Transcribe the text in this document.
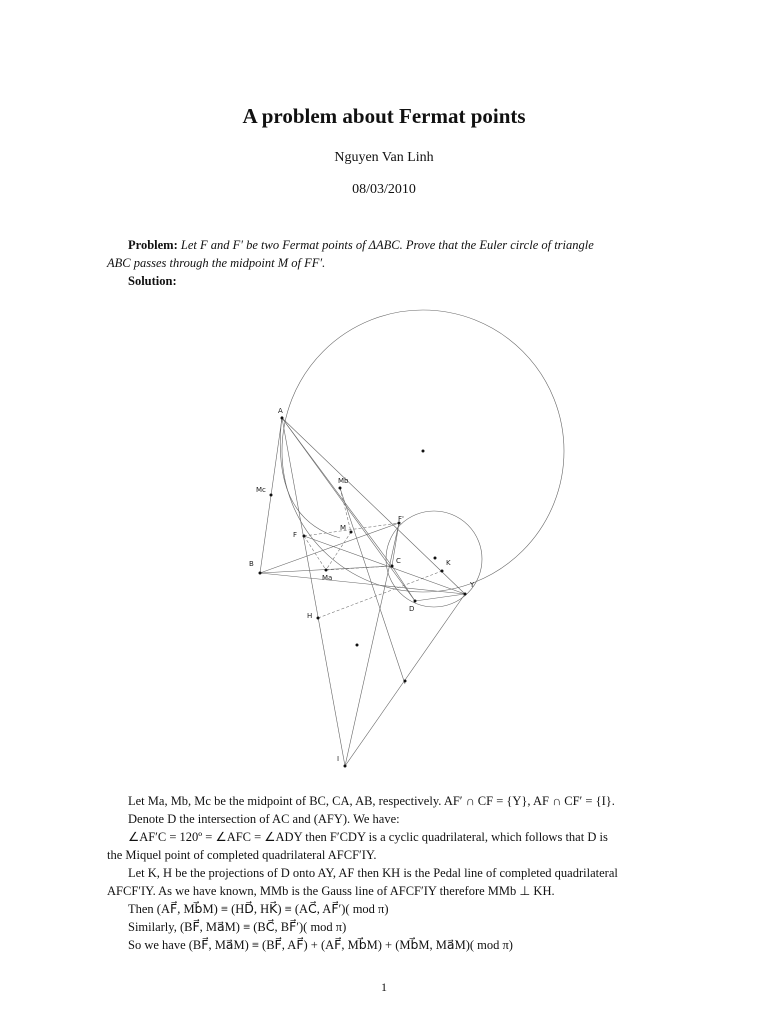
A problem about Fermat points
Nguyen Van Linh
08/03/2010
Problem: Let F and F′ be two Fermat points of ΔABC. Prove that the Euler circle of triangle
ABC passes through the midpoint M of FF′.
Solution:
A
Mc
Mb
F
M
F'
B
Ma
C	K
Y
D
H
I
Let Ma, Mb, Mc be the midpoint of BC, CA, AB, respectively. AF′ ∩ CF = {Y}, AF ∩ CF′ = {I}.
Denote D the intersection of AC and (AFY). We have:
∠AF′C = 120º = ∠AFC = ∠ADY then F′CDY is a cyclic quadrilateral, which follows that D is
the Miquel point of completed quadrilateral AFCF′IY.
Let K, H be the projections of D onto AY, AF then KH is the Pedal line of completed quadrilateral
AFCF′IY. As we have known, MMb is the Gauss line of AFCF′IY therefore MMb ⊥ KH.
Then (AF⃗, Mb⃗M) ≡ (HD⃗, HK⃗) ≡ (AC⃗, AF⃗′)( mod π)
Similarly, (BF⃗, Ma⃗M) ≡ (BC⃗, BF⃗′)( mod π)
So we have (BF⃗, Ma⃗M) ≡ (BF⃗, AF⃗) + (AF⃗, Mb⃗M) + (Mb⃗M, Ma⃗M)( mod π)
1
